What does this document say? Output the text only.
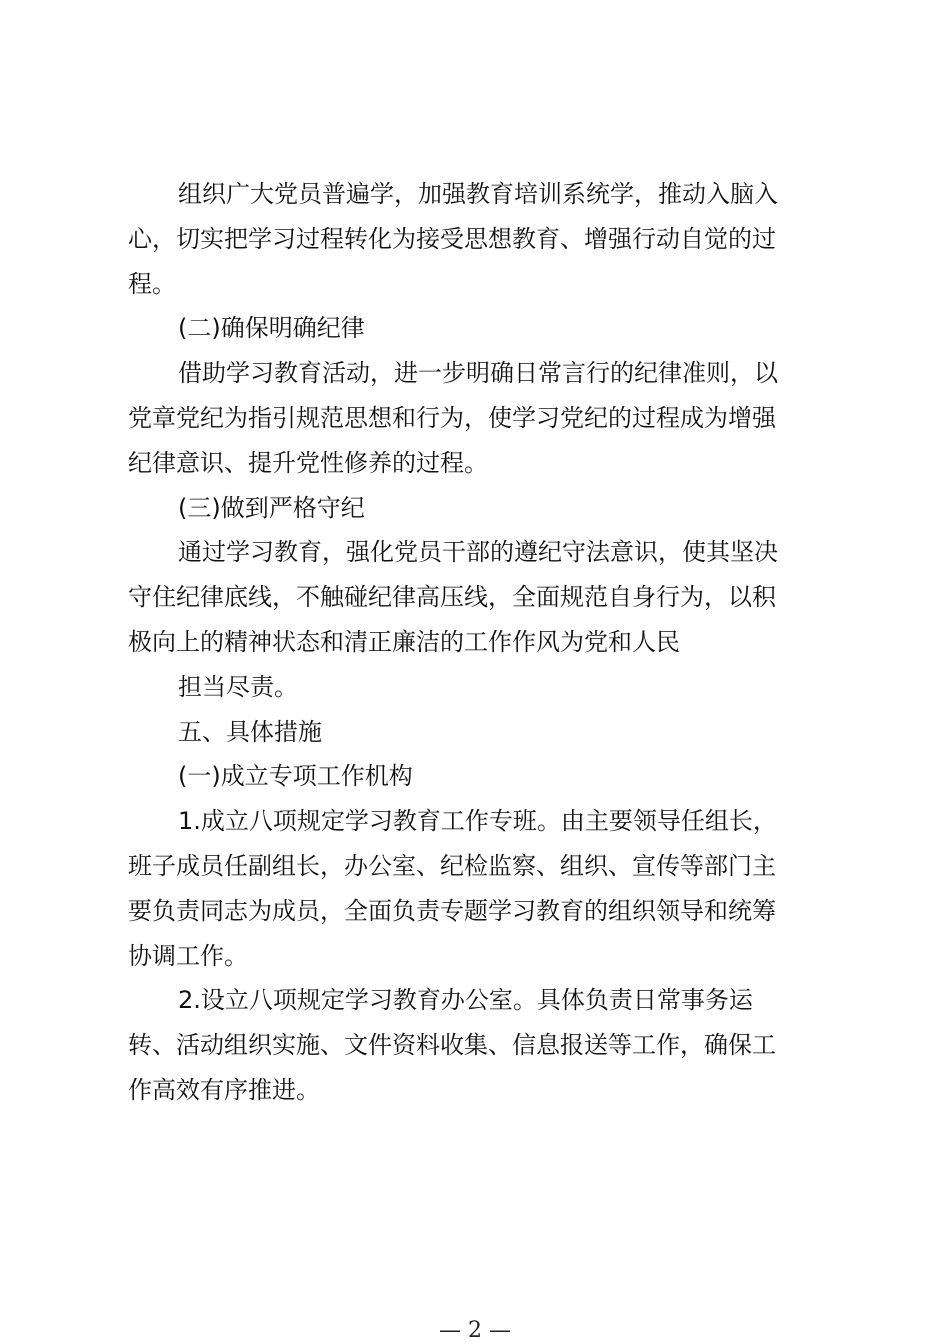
组织广大党员普遍学，加强教育培训系统学，推动入脑入
心，切实把学习过程转化为接受思想教育、增强行动自觉的过
程。
(二)确保明确纪律
借助学习教育活动，进一步明确日常言行的纪律准则，以
党章党纪为指引规范思想和行为，使学习党纪的过程成为增强
纪律意识、提升党性修养的过程。
(三)做到严格守纪
通过学习教育，强化党员干部的遵纪守法意识，使其坚决
守住纪律底线，不触碰纪律高压线，全面规范自身行为，以积
极向上的精神状态和清正廉洁的工作作风为党和人民
担当尽责。
五、具体措施
(一)成立专项工作机构
1.成立八项规定学习教育工作专班。由主要领导任组长，
班子成员任副组长，办公室、纪检监察、组织、宣传等部门主
要负责同志为成员，全面负责专题学习教育的组织领导和统筹
协调工作。
2.设立八项规定学习教育办公室。具体负责日常事务运
转、活动组织实施、文件资料收集、信息报送等工作，确保工
作高效有序推进。
— 2 —
